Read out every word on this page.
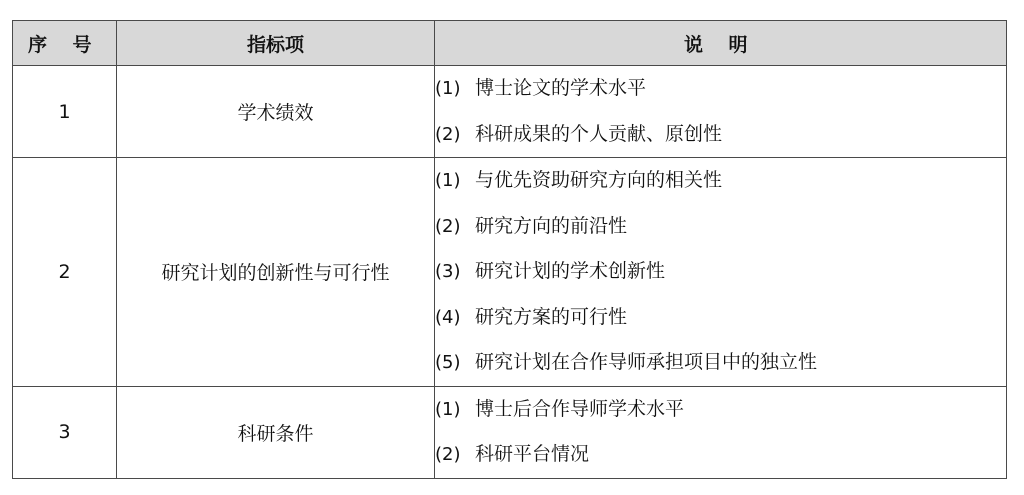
序 号	指标项	说 明
1	学术绩效	(1) 博士论文的学术水平
(2) 科研成果的个人贡献、原创性

2	研究计划的创新性与可行性	(1) 与优先资助研究方向的相关性
(2) 研究方向的前沿性
(3) 研究计划的学术创新性
(4) 研究方案的可行性
(5) 研究计划在合作导师承担项目中的独立性

3	科研条件	(1) 博士后合作导师学术水平
(2) 科研平台情况
